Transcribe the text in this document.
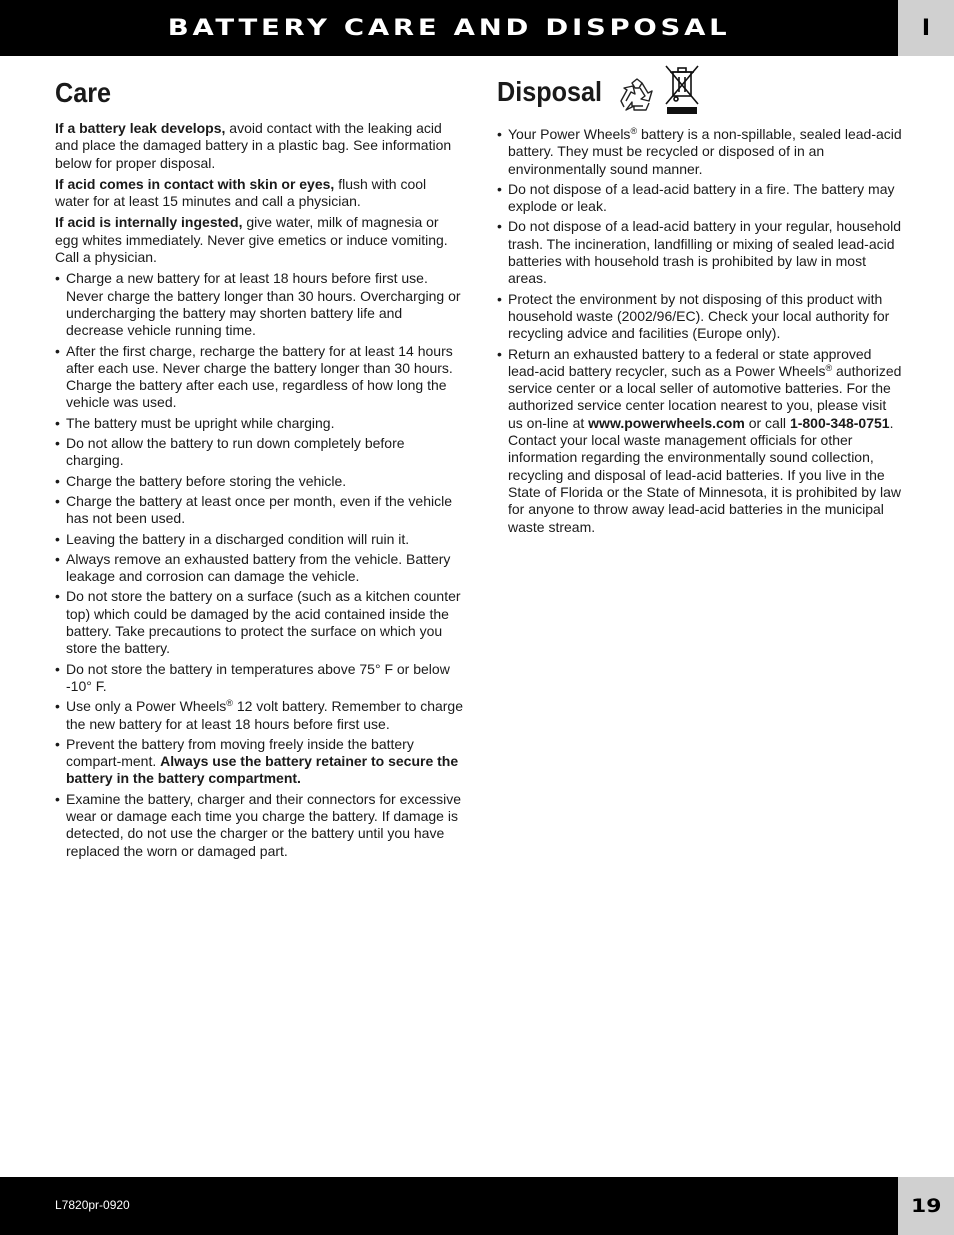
BATTERY CARE AND DISPOSAL	I
Care

If a battery leak develops, avoid contact with the leaking acid and place the damaged battery in a plastic bag. See information below for proper disposal.

If acid comes in contact with skin or eyes, flush with cool water for at least 15 minutes and call a physician.

If acid is internally ingested, give water, milk of magnesia or egg whites immediately. Never give emetics or induce vomiting. Call a physician.

• Charge a new battery for at least 18 hours before first use. Never charge the battery longer than 30 hours. Overcharging or undercharging the battery may shorten battery life and decrease vehicle running time.
• After the first charge, recharge the battery for at least 14 hours after each use. Never charge the battery longer than 30 hours. Charge the battery after each use, regardless of how long the vehicle was used.
• The battery must be upright while charging.
• Do not allow the battery to run down completely before charging.
• Charge the battery before storing the vehicle.
• Charge the battery at least once per month, even if the vehicle has not been used.
• Leaving the battery in a discharged condition will ruin it.
• Always remove an exhausted battery from the vehicle. Battery leakage and corrosion can damage the vehicle.
• Do not store the battery on a surface (such as a kitchen counter top) which could be damaged by the acid contained inside the battery. Take precautions to protect the surface on which you store the battery.
• Do not store the battery in temperatures above 75° F or below -10° F.
• Use only a Power Wheels® 12 volt battery. Remember to charge the new battery for at least 18 hours before first use.
• Prevent the battery from moving freely inside the battery compart-ment. Always use the battery retainer to secure the battery in the battery compartment.
• Examine the battery, charger and their connectors for excessive wear or damage each time you charge the battery. If damage is detected, do not use the charger or the battery until you have replaced the worn or damaged part.
Disposal
• Your Power Wheels® battery is a non-spillable, sealed lead-acid battery. They must be recycled or disposed of in an environmentally sound manner.
• Do not dispose of a lead-acid battery in a fire. The battery may explode or leak.
• Do not dispose of a lead-acid battery in your regular, household trash. The incineration, landfilling or mixing of sealed lead-acid batteries with household trash is prohibited by law in most areas.
• Protect the environment by not disposing of this product with household waste (2002/96/EC). Check your local authority for recycling advice and facilities (Europe only).
• Return an exhausted battery to a federal or state approved lead-acid battery recycler, such as a Power Wheels® authorized service center or a local seller of automotive batteries. For the authorized service center location nearest to you, please visit us on-line at www.powerwheels.com or call 1-800-348-0751. Contact your local waste management officials for other information regarding the environmentally sound collection, recycling and disposal of lead-acid batteries. If you live in the State of Florida or the State of Minnesota, it is prohibited by law for anyone to throw away lead-acid batteries in the municipal waste stream.
L7820pr-0920	19
